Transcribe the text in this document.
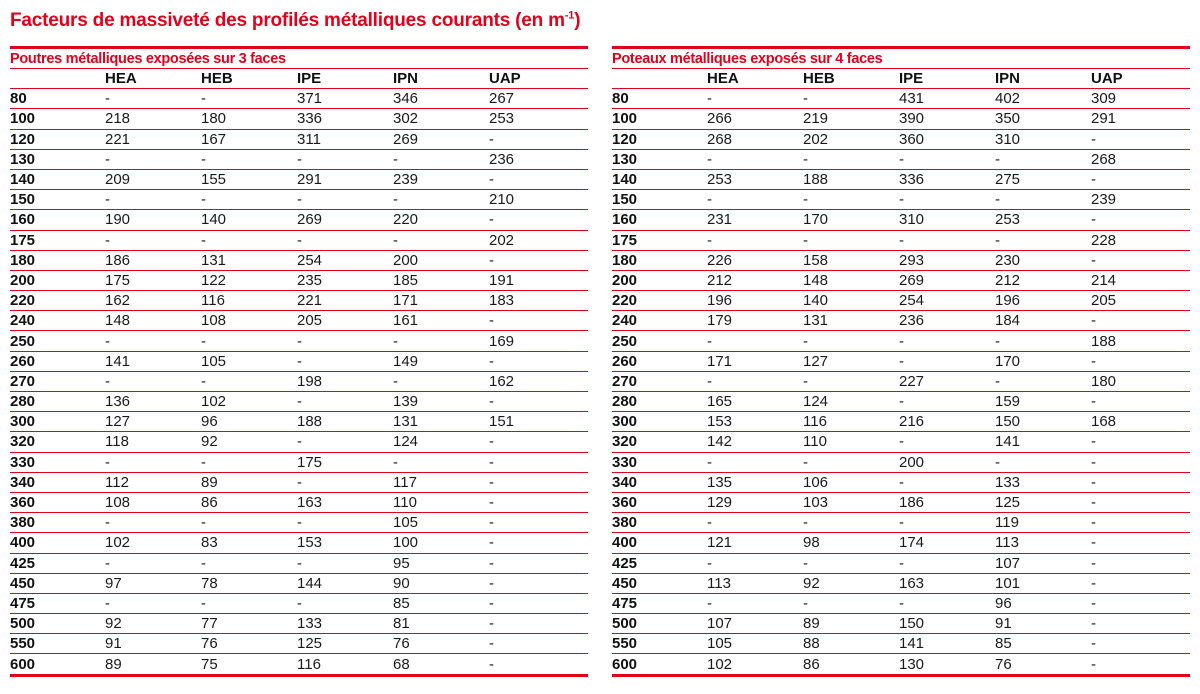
Facteurs de massiveté des profilés métalliques courants (en $m^{-1}$)
Poutres métalliques exposées sur 3 faces
	HEA	HEB	IPE	IPN	UAP
80	-	-	371	346	267
100	218	180	336	302	253
120	221	167	311	269	-
130	-	-	-	-	236
140	209	155	291	239	-
150	-	-	-	-	210
160	190	140	269	220	-
175	-	-	-	-	202
180	186	131	254	200	-
200	175	122	235	185	191
220	162	116	221	171	183
240	148	108	205	161	-
250	-	-	-	-	169
260	141	105	-	149	-
270	-	-	198	-	162
280	136	102	-	139	-
300	127	96	188	131	151
320	118	92	-	124	-
330	-	-	175	-	-
340	112	89	-	117	-
360	108	86	163	110	-
380	-	-	-	105	-
400	102	83	153	100	-
425	-	-	-	95	-
450	97	78	144	90	-
475	-	-	-	85	-
500	92	77	133	81	-
550	91	76	125	76	-
600	89	75	116	68	-
Poteaux métalliques exposés sur 4 faces
	HEA	HEB	IPE	IPN	UAP
80	-	-	431	402	309
100	266	219	390	350	291
120	268	202	360	310	-
130	-	-	-	-	268
140	253	188	336	275	-
150	-	-	-	-	239
160	231	170	310	253	-
175	-	-	-	-	228
180	226	158	293	230	-
200	212	148	269	212	214
220	196	140	254	196	205
240	179	131	236	184	-
250	-	-	-	-	188
260	171	127	-	170	-
270	-	-	227	-	180
280	165	124	-	159	-
300	153	116	216	150	168
320	142	110	-	141	-
330	-	-	200	-	-
340	135	106	-	133	-
360	129	103	186	125	-
380	-	-	-	119	-
400	121	98	174	113	-
425	-	-	-	107	-
450	113	92	163	101	-
475	-	-	-	96	-
500	107	89	150	91	-
550	105	88	141	85	-
600	102	86	130	76	-
